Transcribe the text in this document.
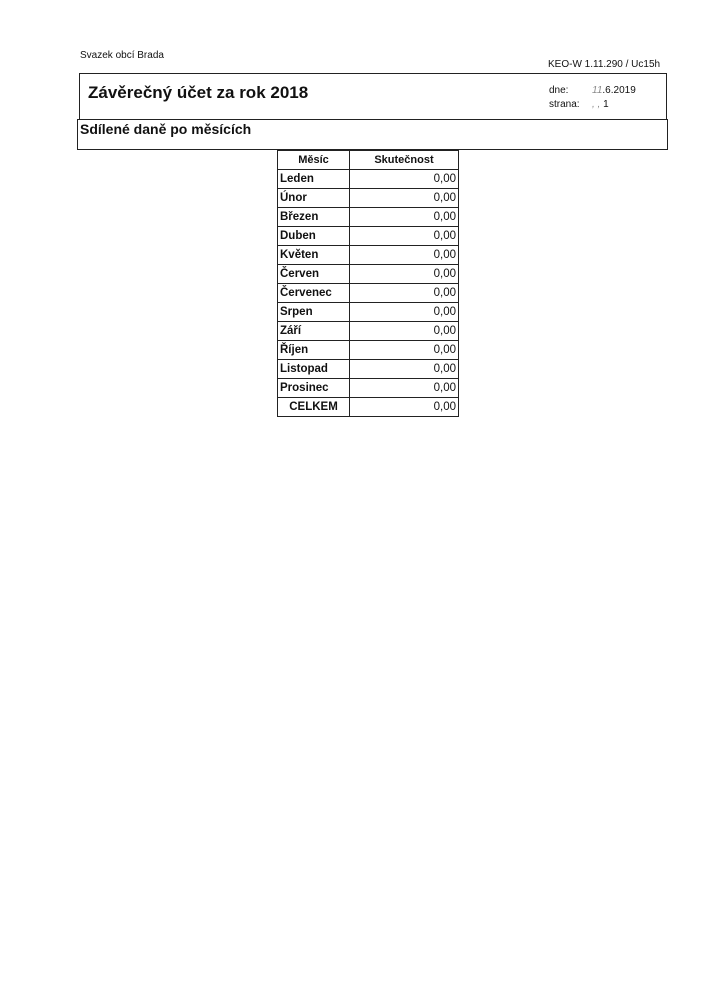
Svazek obcí Brada
KEO-W 1.11.290 / Uc15h
Závěrečný účet za rok 2018	dne: 11.6.2019
strana: , , 1
Sdílené daně po měsících
Měsíc	Skutečnost
Leden	0,00
Únor	0,00
Březen	0,00
Duben	0,00
Květen	0,00
Červen	0,00
Červenec	0,00
Srpen	0,00
Září	0,00
Říjen	0,00
Listopad	0,00
Prosinec	0,00
CELKEM	0,00
